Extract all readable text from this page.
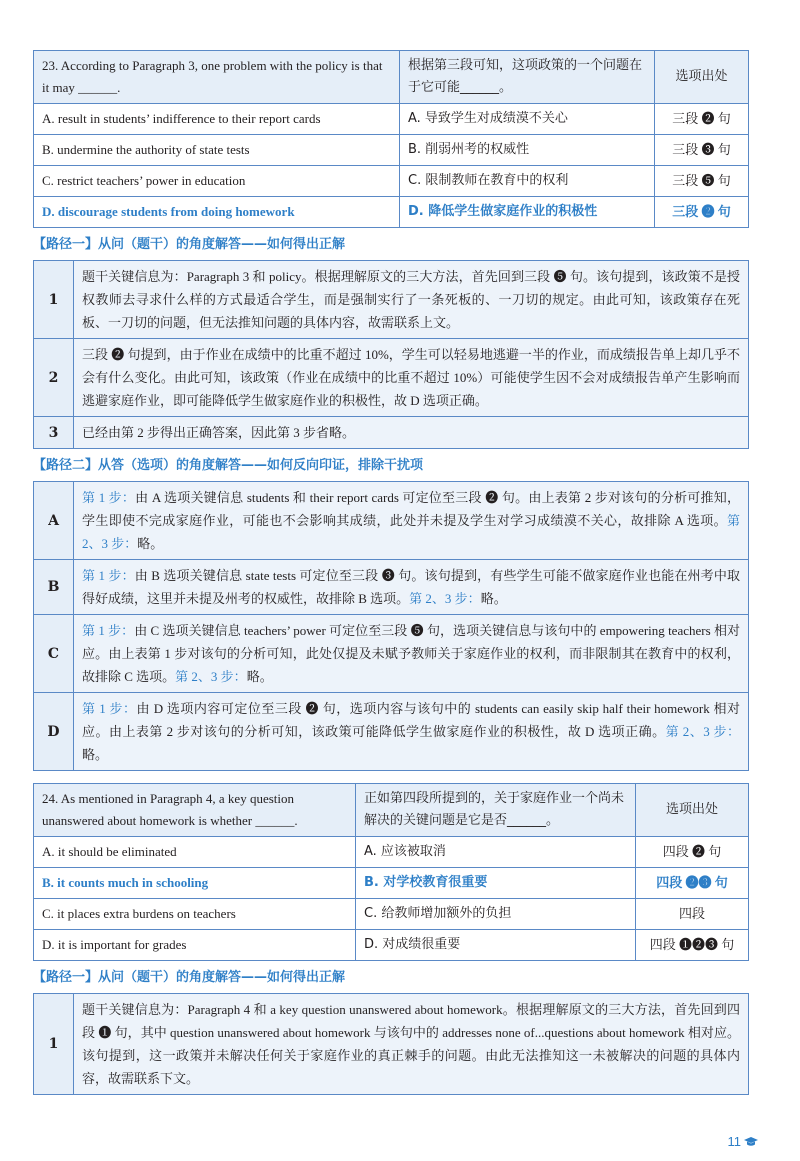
23. According to Paragraph 3, one problem with the policy is that it may ______.	根据第三段可知，这项政策的一个问题在于它可能______。	选项出处
A. result in students’ indifference to their report cards	A. 导致学生对成绩漠不关心	三段 ❷ 句
B. undermine the authority of state tests	B. 削弱州考的权威性	三段 ❸ 句
C. restrict teachers’ power in education	C. 限制教师在教育中的权利	三段 ❺ 句
D. discourage students from doing homework	D. 降低学生做家庭作业的积极性	三段 ❷ 句
【路径一】从问（题干）的角度解答——如何得出正解
1	题干关键信息为：Paragraph 3 和 policy。根据理解原文的三大方法，首先回到三段 ❺ 句。该句提到，该政策不是授权教师去寻求什么样的方式最适合学生，而是强制实行了一条死板的、一刀切的规定。由此可知，该政策存在死板、一刀切的问题，但无法推知问题的具体内容，故需联系上文。
2	三段 ❷ 句提到，由于作业在成绩中的比重不超过 10%，学生可以轻易地逃避一半的作业，而成绩报告单上却几乎不会有什么变化。由此可知，该政策（作业在成绩中的比重不超过 10%）可能使学生因不会对成绩报告单产生影响而逃避家庭作业，即可能降低学生做家庭作业的积极性，故 D 选项正确。
3	已经由第 2 步得出正确答案，因此第 3 步省略。
【路径二】从答（选项）的角度解答——如何反向印证，排除干扰项
A	第 1 步：由 A 选项关键信息 students 和 their report cards 可定位至三段 ❷ 句。由上表第 2 步对该句的分析可推知，学生即使不完成家庭作业，可能也不会影响其成绩，此处并未提及学生对学习成绩漠不关心，故排除 A 选项。第 2、3 步：略。
B	第 1 步：由 B 选项关键信息 state tests 可定位至三段 ❸ 句。该句提到，有些学生可能不做家庭作业也能在州考中取得好成绩，这里并未提及州考的权威性，故排除 B 选项。第 2、3 步：略。
C	第 1 步：由 C 选项关键信息 teachers’ power 可定位至三段 ❺ 句，选项关键信息与该句中的 empowering teachers 相对应。由上表第 1 步对该句的分析可知，此处仅提及未赋予教师关于家庭作业的权利，而非限制其在教育中的权利，故排除 C 选项。第 2、3 步：略。
D	第 1 步：由 D 选项内容可定位至三段 ❷ 句，选项内容与该句中的 students can easily skip half their homework 相对应。由上表第 2 步对该句的分析可知，该政策可能降低学生做家庭作业的积极性，故 D 选项正确。第 2、3 步：略。
24. As mentioned in Paragraph 4, a key question unanswered about homework is whether ______.	正如第四段所提到的，关于家庭作业一个尚未解决的关键问题是它是否______。	选项出处
A. it should be eliminated	A. 应该被取消	四段 ❷ 句
B. it counts much in schooling	B. 对学校教育很重要	四段 ❷❸ 句
C. it places extra burdens on teachers	C. 给教师增加额外的负担	四段
D. it is important for grades	D. 对成绩很重要	四段 ❶❷❸ 句
【路径一】从问（题干）的角度解答——如何得出正解
1	题干关键信息为：Paragraph 4 和 a key question unanswered about homework。根据理解原文的三大方法，首先回到四段 ❶ 句，其中 question unanswered about homework 与该句中的 addresses none of...questions about homework 相对应。该句提到，这一政策并未解决任何关于家庭作业的真正棘手的问题。由此无法推知这一未被解决的问题的具体内容，故需联系下文。
11
